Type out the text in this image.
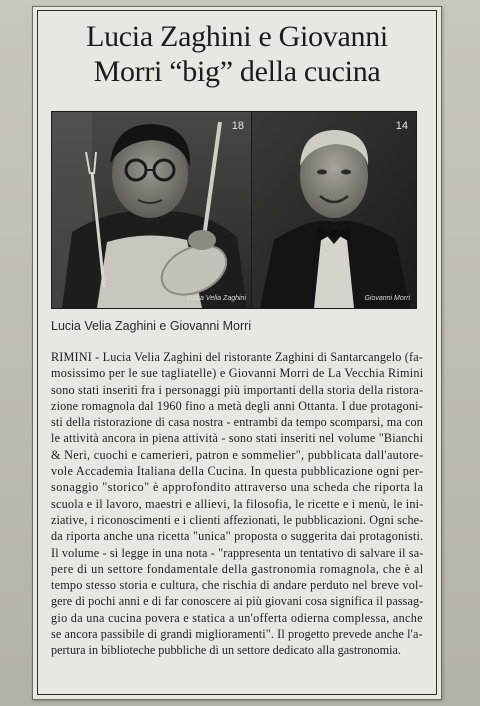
Lucia Zaghini e Giovanni
Morri “big” della cucina
18
Lucia Velia Zaghini
14
Giovanni Morri
Lucia Velia Zaghini e Giovanni Morri

RIMINI - Lucia Velia Zaghini del ristorante Zaghini di Santarcangelo (fa-
mosissimo per le sue tagliatelle) e Giovanni Morri de La Vecchia Rimini
sono stati inseriti fra i personaggi più importanti della storia della ristora-
zione romagnola dal 1960 fino a metà degli anni Ottanta. I due protagoni-
sti della ristorazione di casa nostra - entrambi da tempo scomparsi, ma con
le attività ancora in piena attività - sono stati inseriti nel volume "Bianchi
& Neri, cuochi e camerieri, patron e sommelier", pubblicata dall'autore-
vole Accademia Italiana della Cucina. In questa pubblicazione ogni per-
sonaggio "storico" è approfondito attraverso una scheda che riporta la
scuola e il lavoro, maestri e allievi, la filosofia, le ricette e i menù, le ini-
ziative, i riconoscimenti e i clienti affezionati, le pubblicazioni. Ogni sche-
da riporta anche una ricetta "unica" proposta o suggerita dai protagonisti.
Il volume - si legge in una nota - "rappresenta un tentativo di salvare il sa-
pere di un settore fondamentale della gastronomia romagnola, che è al
tempo stesso storia e cultura, che rischia di andare perduto nel breve vol-
gere di pochi anni e di far conoscere ai più giovani cosa significa il passag-
gio da una cucina povera e statica a un'offerta odierna complessa, anche
se ancora passibile di grandi miglioramenti". Il progetto prevede anche l'a-
pertura in biblioteche pubbliche di un settore dedicato alla gastronomia.
